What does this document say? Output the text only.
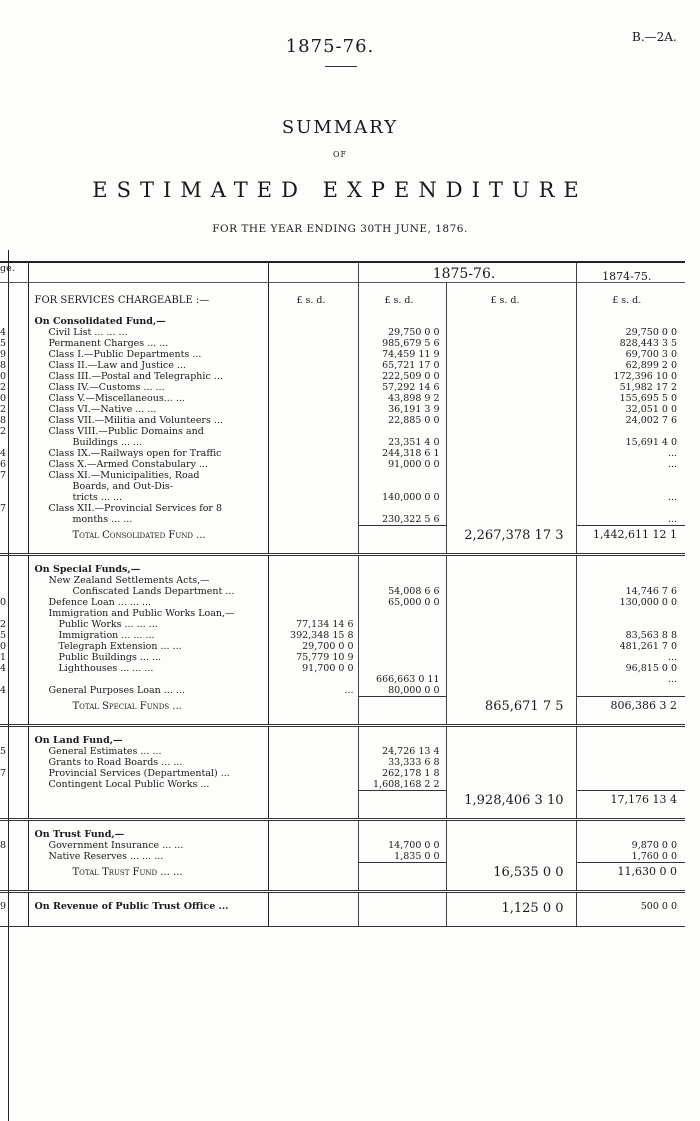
B.—2A.
1875-76.
SUMMARY
OF
ESTIMATED EXPENDITURE
FOR THE YEAR ENDING 30TH JUNE, 1876.
ge.			1875-76.		1874-75.
	FOR SERVICES CHARGEABLE :—	£ s. d.	£ s. d.	£ s. d.	£ s. d.
	On Consolidated Fund,—				
4	Civil List ... ... ...		29,750 0 0		29,750 0 0
5	Permanent Charges ... ...		985,679 5 6		828,443 3 5
9	Class I.—Public Departments ...		74,459 11 9		69,700 3 0
8	Class II.—Law and Justice ...		65,721 17 0		62,899 2 0
0	Class III.—Postal and Telegraphic ...		222,509 0 0		172,396 10 0
2	Class IV.—Customs ... ...		57,292 14 6		51,982 17 2
0	Class V.—Miscellaneous... ...		43,898 9 2		155,695 5 0
2	Class VI.—Native ... ...		36,191 3 9		32,051 0 0
8	Class VII.—Militia and Volunteers ...		22,885 0 0		24,002 7 6
2	Class VIII.—Public Domains and				
	Buildings ... ...		23,351 4 0		15,691 4 0
4	Class IX.—Railways open for Traffic		244,318 6 1		...
6	Class X.—Armed Constabulary ...		91,000 0 0		...
7	Class XI.—Municipalities, Road				
	Boards, and Out-Dis-				
	tricts ... ...		140,000 0 0		...
7	Class XII.—Provincial Services for 8				
	months ... ...		230,322 5 6		...
	Total Consolidated Fund ...			2,267,378 17 3	1,442,611 12 1

	On Special Funds,—				
	New Zealand Settlements Acts,—				
	Confiscated Lands Department ...		54,008 6 6		14,746 7 6
0	Defence Loan ... ... ...		65,000 0 0		130,000 0 0
	Immigration and Public Works Loan,—				
2	Public Works ... ... ...	77,134 14 6			
5	Immigration ... ... ...	392,348 15 8			83,563 8 8
0	Telegraph Extension ... ...	29,700 0 0			481,261 7 0
1	Public Buildings ... ...	75,779 10 9			...
4	Lighthouses ... ... ...	91,700 0 0			96,815 0 0
			666,663 0 11		...
4	General Purposes Loan ... ...	...	80,000 0 0		
	Total Special Funds ...			865,671 7 5	806,386 3 2

	On Land Fund,—				
5	General Estimates ... ...		24,726 13 4		
	Grants to Road Boards ... ...		33,333 6 8		
7	Provincial Services (Departmental) ...		262,178 1 8		
	Contingent Local Public Works ...		1,608,168 2 2		
				1,928,406 3 10	17,176 13 4

	On Trust Fund,—				
8	Government Insurance ... ...		14,700 0 0		9,870 0 0
	Native Reserves ... ... ...		1,835 0 0		1,760 0 0
	Total Trust Fund ... ...			16,535 0 0	11,630 0 0

9	On Revenue of Public Trust Office ...			1,125 0 0	500 0 0
